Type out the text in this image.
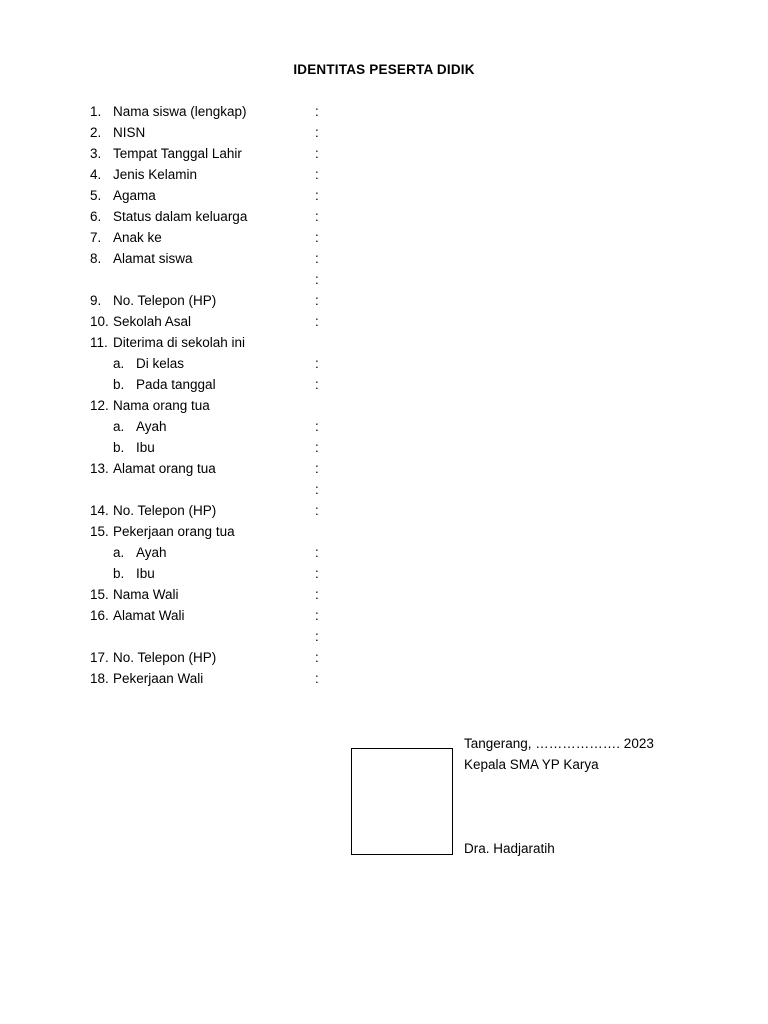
IDENTITAS PESERTA DIDIK
1. Nama siswa (lengkap)	:
2. NISN	:
3. Tempat Tanggal Lahir	:
4. Jenis Kelamin	:
5. Agama	:
6. Status dalam keluarga	:
7. Anak ke	:
8. Alamat siswa	:
:
9. No. Telepon (HP)	:
10. Sekolah Asal	:
11. Diterima di sekolah ini
a. Di kelas	:
b. Pada tanggal	:
12. Nama orang tua
a. Ayah	:
b. Ibu	:
13. Alamat orang tua	:
:
14. No. Telepon (HP)	:
15. Pekerjaan orang tua
a. Ayah	:
b. Ibu	:
15. Nama Wali	:
16. Alamat Wali	:
:
17. No. Telepon (HP)	:
18. Pekerjaan Wali	:
Tangerang, ………………. 2023
Kepala SMA YP Karya
Dra. Hadjaratih
